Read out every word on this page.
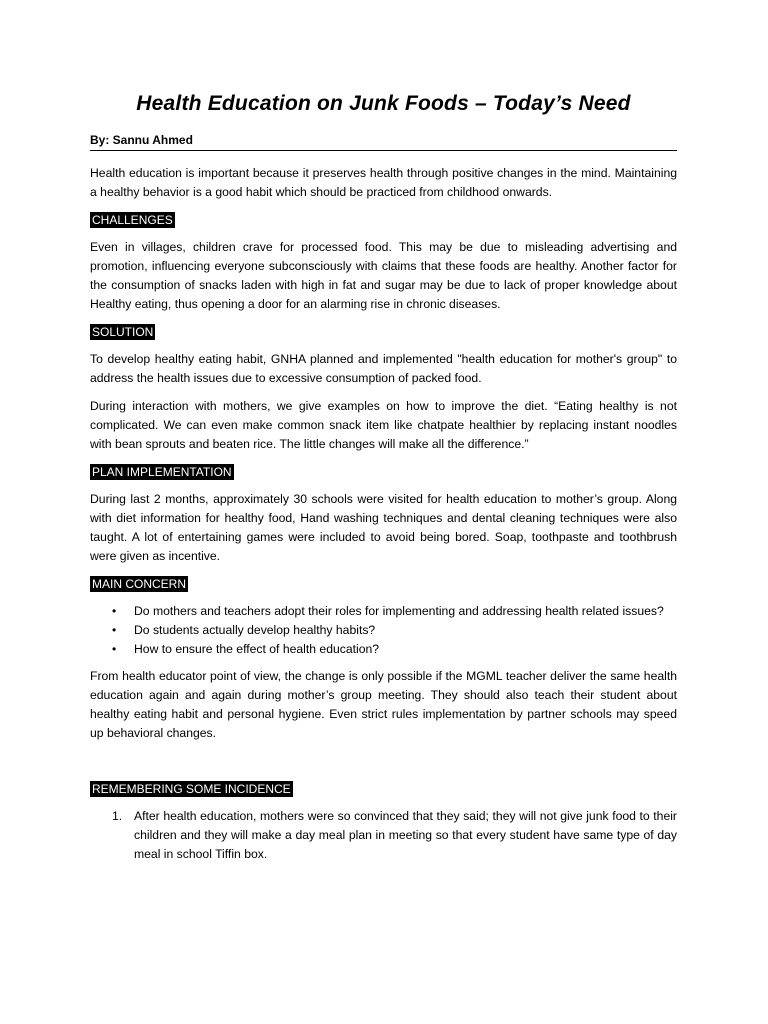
Health Education on Junk Foods – Today’s Need
By: Sannu Ahmed

Health education is important because it preserves health through positive changes in the mind. Maintaining a healthy behavior is a good habit which should be practiced from childhood onwards.

CHALLENGES

Even in villages, children crave for processed food. This may be due to misleading advertising and promotion, influencing everyone subconsciously with claims that these foods are healthy. Another factor for the consumption of snacks laden with high in fat and sugar may be due to lack of proper knowledge about Healthy eating, thus opening a door for an alarming rise in chronic diseases.

SOLUTION

To develop healthy eating habit, GNHA planned and implemented "health education for mother's group" to address the health issues due to excessive consumption of packed food.

During interaction with mothers, we give examples on how to improve the diet. “Eating healthy is not complicated. We can even make common snack item like chatpate healthier by replacing instant noodles with bean sprouts and beaten rice. The little changes will make all the difference.”

PLAN IMPLEMENTATION

During last 2 months, approximately 30 schools were visited for health education to mother’s group. Along with diet information for healthy food, Hand washing techniques and dental cleaning techniques were also taught. A lot of entertaining games were included to avoid being bored. Soap, toothpaste and toothbrush were given as incentive.

MAIN CONCERN
• Do mothers and teachers adopt their roles for implementing and addressing health related issues?
• Do students actually develop healthy habits?
• How to ensure the effect of health education?

From health educator point of view, the change is only possible if the MGML teacher deliver the same health education again and again during mother’s group meeting. They should also teach their student about healthy eating habit and personal hygiene. Even strict rules implementation by partner schools may speed up behavioral changes.

REMEMBERING SOME INCIDENCE
1. After health education, mothers were so convinced that they said; they will not give junk food to their children and they will make a day meal plan in meeting so that every student have same type of day meal in school Tiffin box.
